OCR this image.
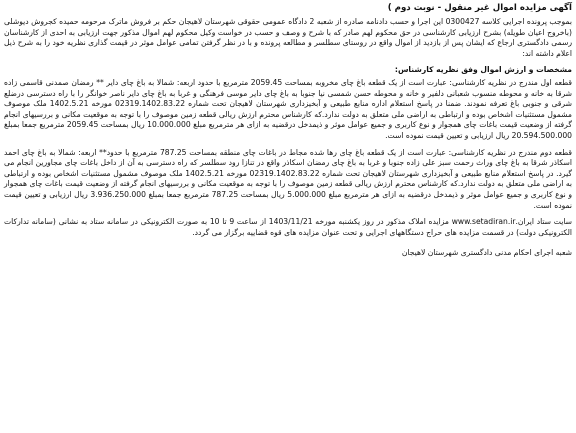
آگهی مزایده اموال غیر منقول - نوبت دوم )

بموجب پرونده اجرایی کلاسه 0300427 این اجرا و حسب دادنامه صادره از شعبه 2 دادگاه عمومی حقوقی شهرستان لاهیجان حکم بر فروش ماترک مرحومه حمیده کجروش دیوشلی (باخروج اعیان طویله) بشرح ارزیابی کارشناسی در حق محکوم لهم صادر که با شرح و وصف و حسب در خواست وکیل محکوم لهم اموال مذکور جهت ارزیابی به احدی از کارشناسان رسمی دادگستری ارجاع که ایشان پس از بازدید از اموال واقع در روستای سطلسر و مطالعه پرونده و با در نظر گرفتن تمامی عوامل موثر در قیمت گذاری نظریه خود را به شرح ذیل اعلام داشته اند:

مشخصات و ارزش اموال وفق نظریه کارشناس:

قطعه اول مندرج در نظریه کارشناسی: عبارت است از یک قطعه باغ چای مخروبه بمساحت 2059.45 مترمربع با حدود اربعه: شمالا به باغ چای دایر ** رمضان صمدنی قاسمی زاده شرقا به خانه و محوطه منسوب شعبانی دلفیر و خانه و محوطه حسن شمسی نیا جنوبا به باغ چای دایر موسی فرهنگی و غربا به باغ چای دایر ناصر خوانگر را با راه دسترسی درضلع شرقی و جنوبی باغ تعرفه نمودند. ضمنا در پاسخ استعلام اداره منابع طبیعی و آبخیزداری شهرستان لاهیجان تحت شماره 02319.1402.83.22 مورخه 1402.5.21 ملک موصوف مشمول مستثنیات اشخاص بوده و ارتباطی به اراضی ملی متعلق به دولت ندارد.که کارشناس محترم ارزش ریالی قطعه زمین موصوف را با توجه به موقعیت مکانی و بررسیهای انجام گرفته از وضعیت قیمت باغات چای همجوار و نوع کاربری و جمیع عوامل موثر و ذیمدخل درقضیه به ازای هر مترمربع مبلغ 10.000.000 ریال بمساحت 2059.45 مترمربع جمعا بمبلغ 20.594.500.000 ریال ارزیابی و تعیین قیمت نموده است.

قطعه دوم مندرج در نظریه کارشناسی: عبارت است از یک قطعه باغ چای رها شده مجاط در باغات چای منطقه بمساحت 787.25 مترمربع با حدود** اربعه: شمالا به باغ چای احمد اسکاذر شرقا به باغ چای وراث رحمت سبز علی زاده جنوبا و غربا به باغ چای رمضان اسکاذر واقع در تنازا رود سطلسر که راه دسترسی به آن از داخل باغات چای مجاورین انجام می گیرد. در پاسخ استعلام منابع طبیعی و آبخیزداری شهرستان لاهیجان تحت شماره 02319.1402.83.22 مورخه 1402.5.21 ملک موصوف مشمول مستثنیات اشخاص بوده و ارتباطی به اراضی ملی متعلق به دولت ندارد.که کارشناس محترم ارزش ریالی قطعه زمین موصوف را با توجه به موقعیت مکانی و بررسیهای انجام گرفته از وضعیت قیمت باغات چای همجوار و نوع کاربری و جمیع عوامل موثر و ذیمدخل درقضیه به ازای هر مترمربع مبلغ 5.000.000 ریال بمساحت 787.25 مترمربع جمعا بمبلغ 3.936.250.000 ریال ارزیابی و تعیین قیمت نموده است.

سایت ستاد ایران.www.setadiran.ir مزایده املاک مذکور در روز یکشنبه مورخه 1403/11/21 از ساعت 9 تا 10 به صورت الکترونیکی در سامانه ستاد به نشانی (سامانه تدارکات الکترونیکی دولت) در قسمت مزایده های حراج دستگاههای اجرایی و تحت عنوان مزایده های قوه قضاییه برگزار می گردد.

شعبه اجرای احکام مدنی دادگستری شهرستان لاهیجان
